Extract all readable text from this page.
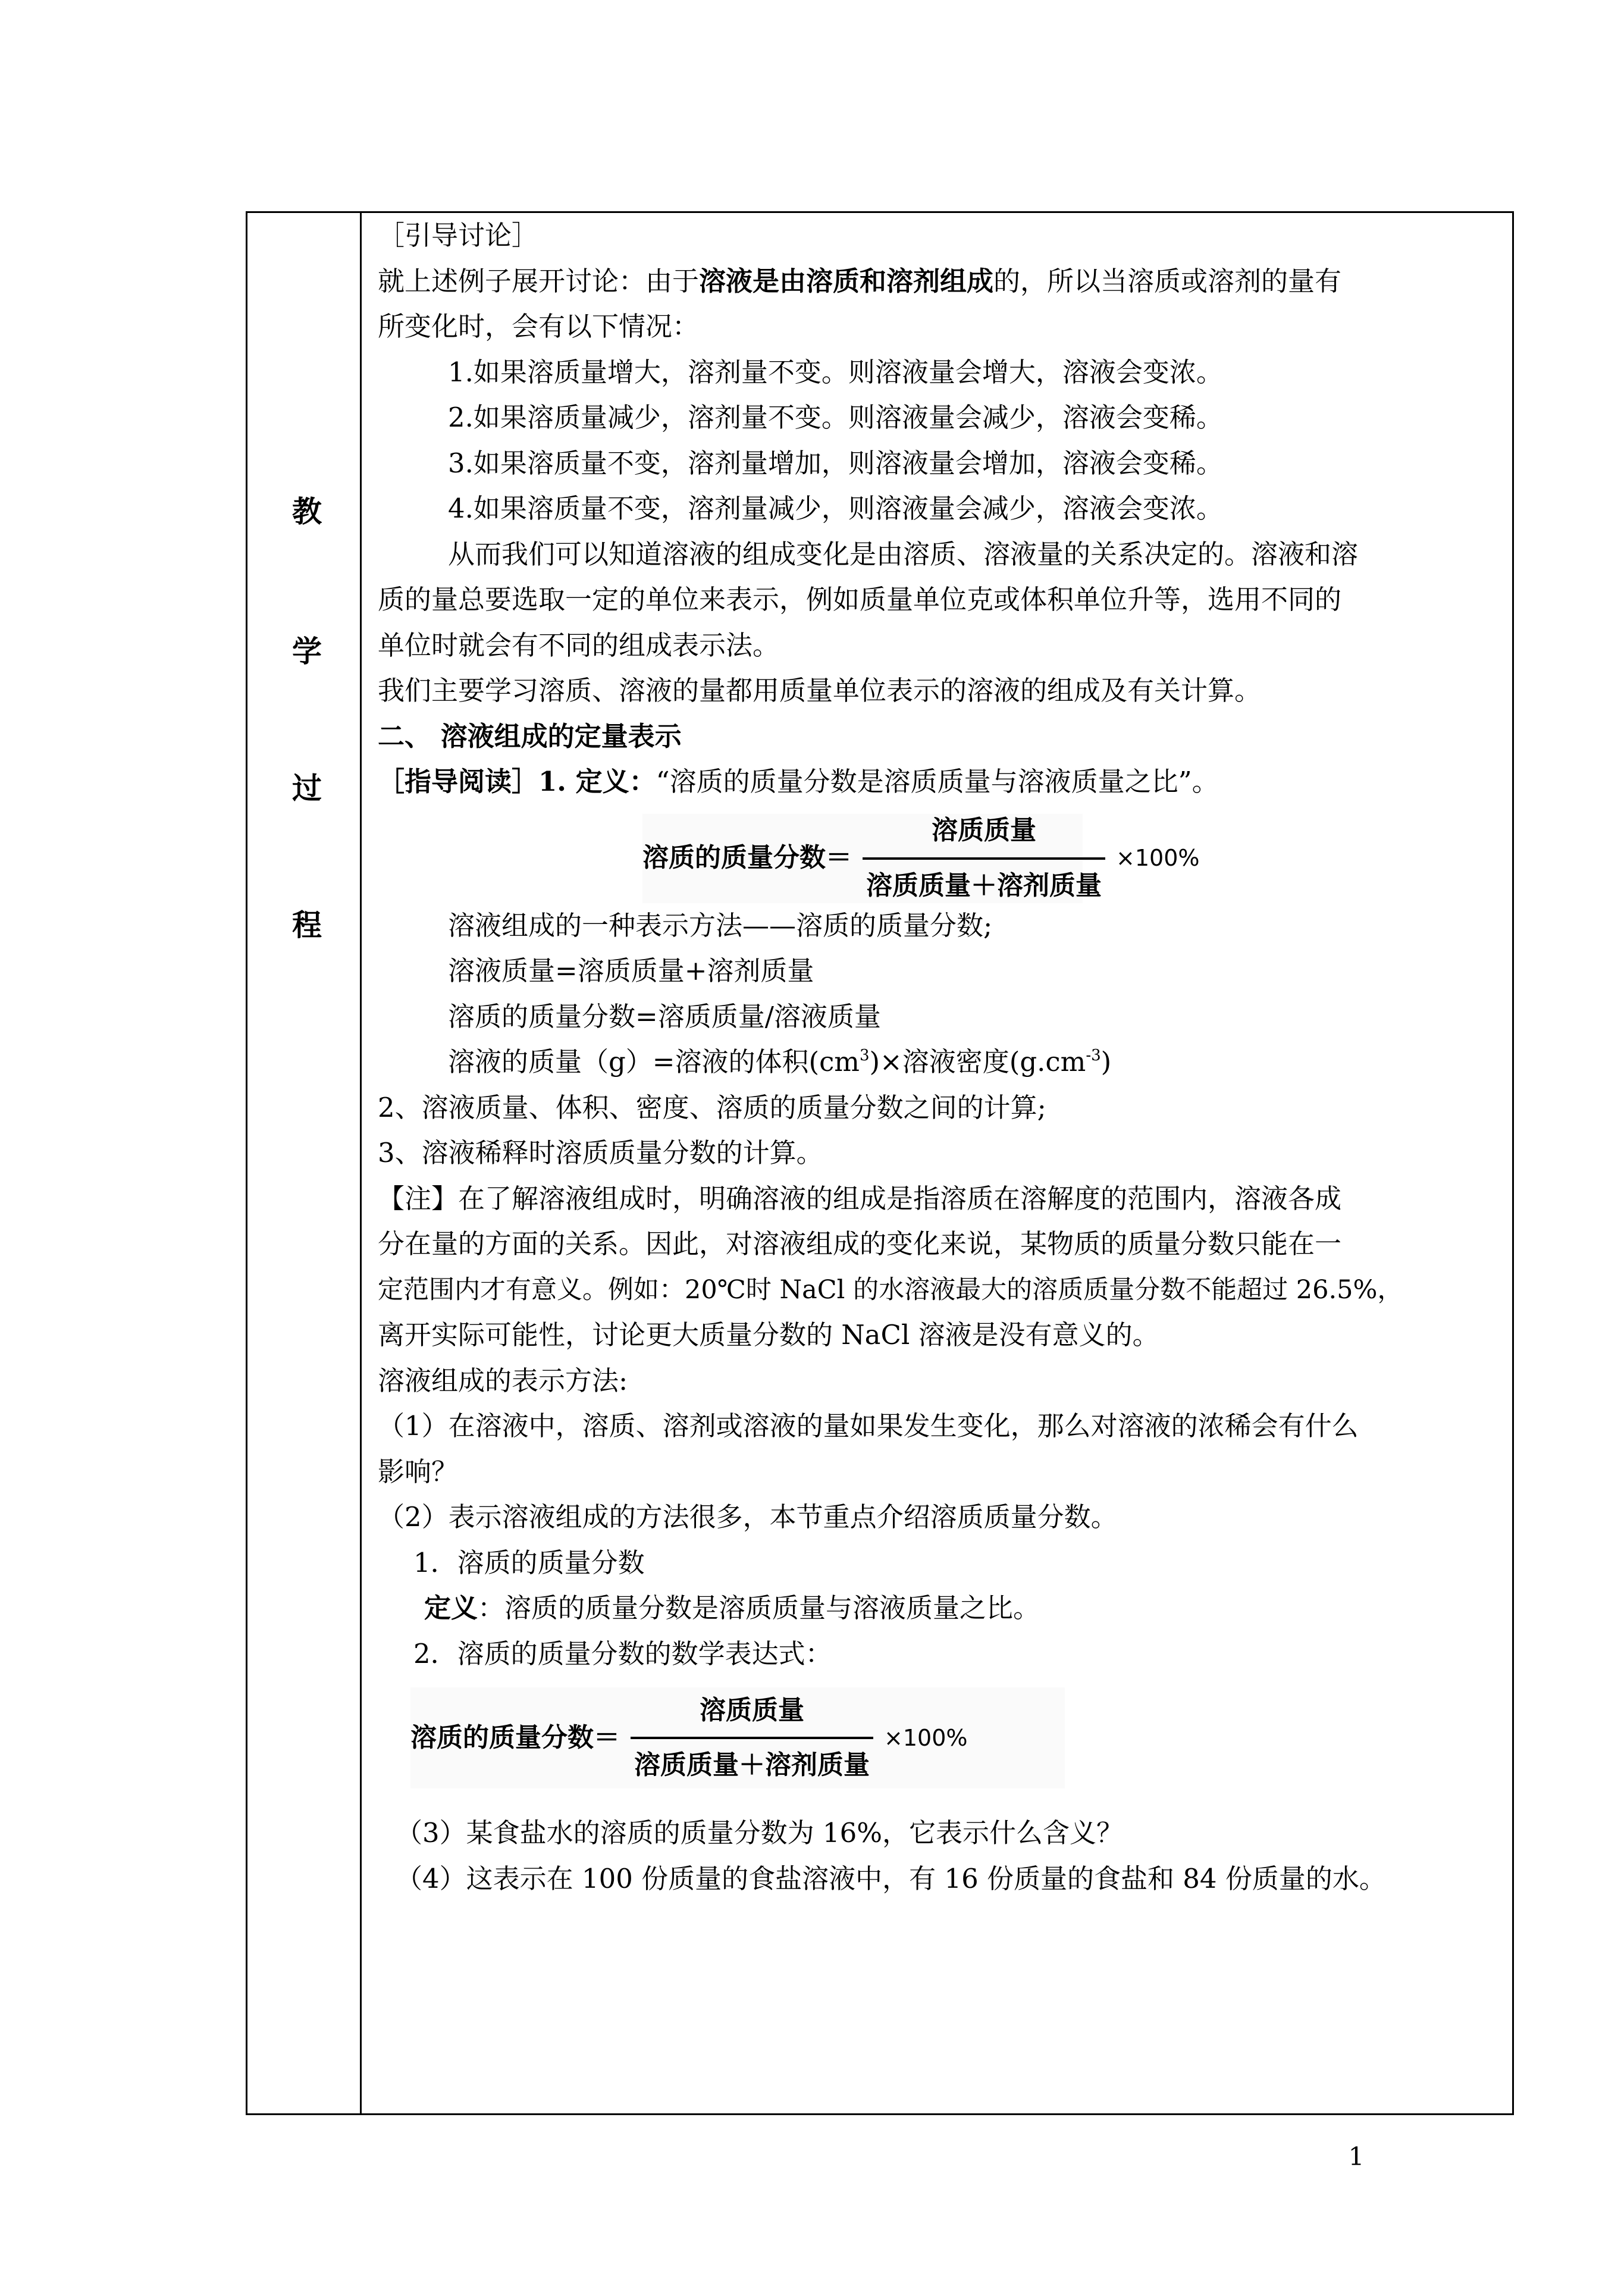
教
学
过
程
［引导讨论］
就上述例子展开讨论：由于溶液是由溶质和溶剂组成的，所以当溶质或溶剂的量有
所变化时，会有以下情况：
1.如果溶质量增大，溶剂量不变。则溶液量会增大，溶液会变浓。
2.如果溶质量减少，溶剂量不变。则溶液量会减少，溶液会变稀。
3.如果溶质量不变，溶剂量增加，则溶液量会增加，溶液会变稀。
4.如果溶质量不变，溶剂量减少，则溶液量会减少，溶液会变浓。
从而我们可以知道溶液的组成变化是由溶质、溶液量的关系决定的。溶液和溶
质的量总要选取一定的单位来表示，例如质量单位克或体积单位升等，选用不同的
单位时就会有不同的组成表示法。
我们主要学习溶质、溶液的量都用质量单位表示的溶液的组成及有关计算。
二、 溶液组成的定量表示
［指导阅读］1. 定义：“溶质的质量分数是溶质质量与溶液质量之比”。
溶质的质量分数＝ $\frac{\text{溶质质量}}{\text{溶质质量＋溶剂质量}} \times 100\%$
溶液组成的一种表示方法——溶质的质量分数;
溶液质量=溶质质量+溶剂质量
溶质的质量分数=溶质质量/溶液质量
溶液的质量（g）=溶液的体积$(cm^3)\times$溶液密度$(g.cm^{-3})$
2、溶液质量、体积、密度、溶质的质量分数之间的计算;
3、溶液稀释时溶质质量分数的计算。
【注】在了解溶液组成时，明确溶液的组成是指溶质在溶解度的范围内，溶液各成
分在量的方面的关系。因此，对溶液组成的变化来说，某物质的质量分数只能在一
定范围内才有意义。例如：20℃时 NaCl 的水溶液最大的溶质质量分数不能超过 26.5%，
离开实际可能性，讨论更大质量分数的 NaCl 溶液是没有意义的。
溶液组成的表示方法:
（1）在溶液中，溶质、溶剂或溶液的量如果发生变化，那么对溶液的浓稀会有什么
影响？
（2）表示溶液组成的方法很多，本节重点介绍溶质质量分数。
1．溶质的质量分数
定义：溶质的质量分数是溶质质量与溶液质量之比。
2．溶质的质量分数的数学表达式：
溶质的质量分数＝ $\frac{\text{溶质质量}}{\text{溶质质量＋溶剂质量}} \times 100\%$
（3）某食盐水的溶质的质量分数为 16%，它表示什么含义？
（4）这表示在 100 份质量的食盐溶液中，有 16 份质量的食盐和 84 份质量的水。
1
